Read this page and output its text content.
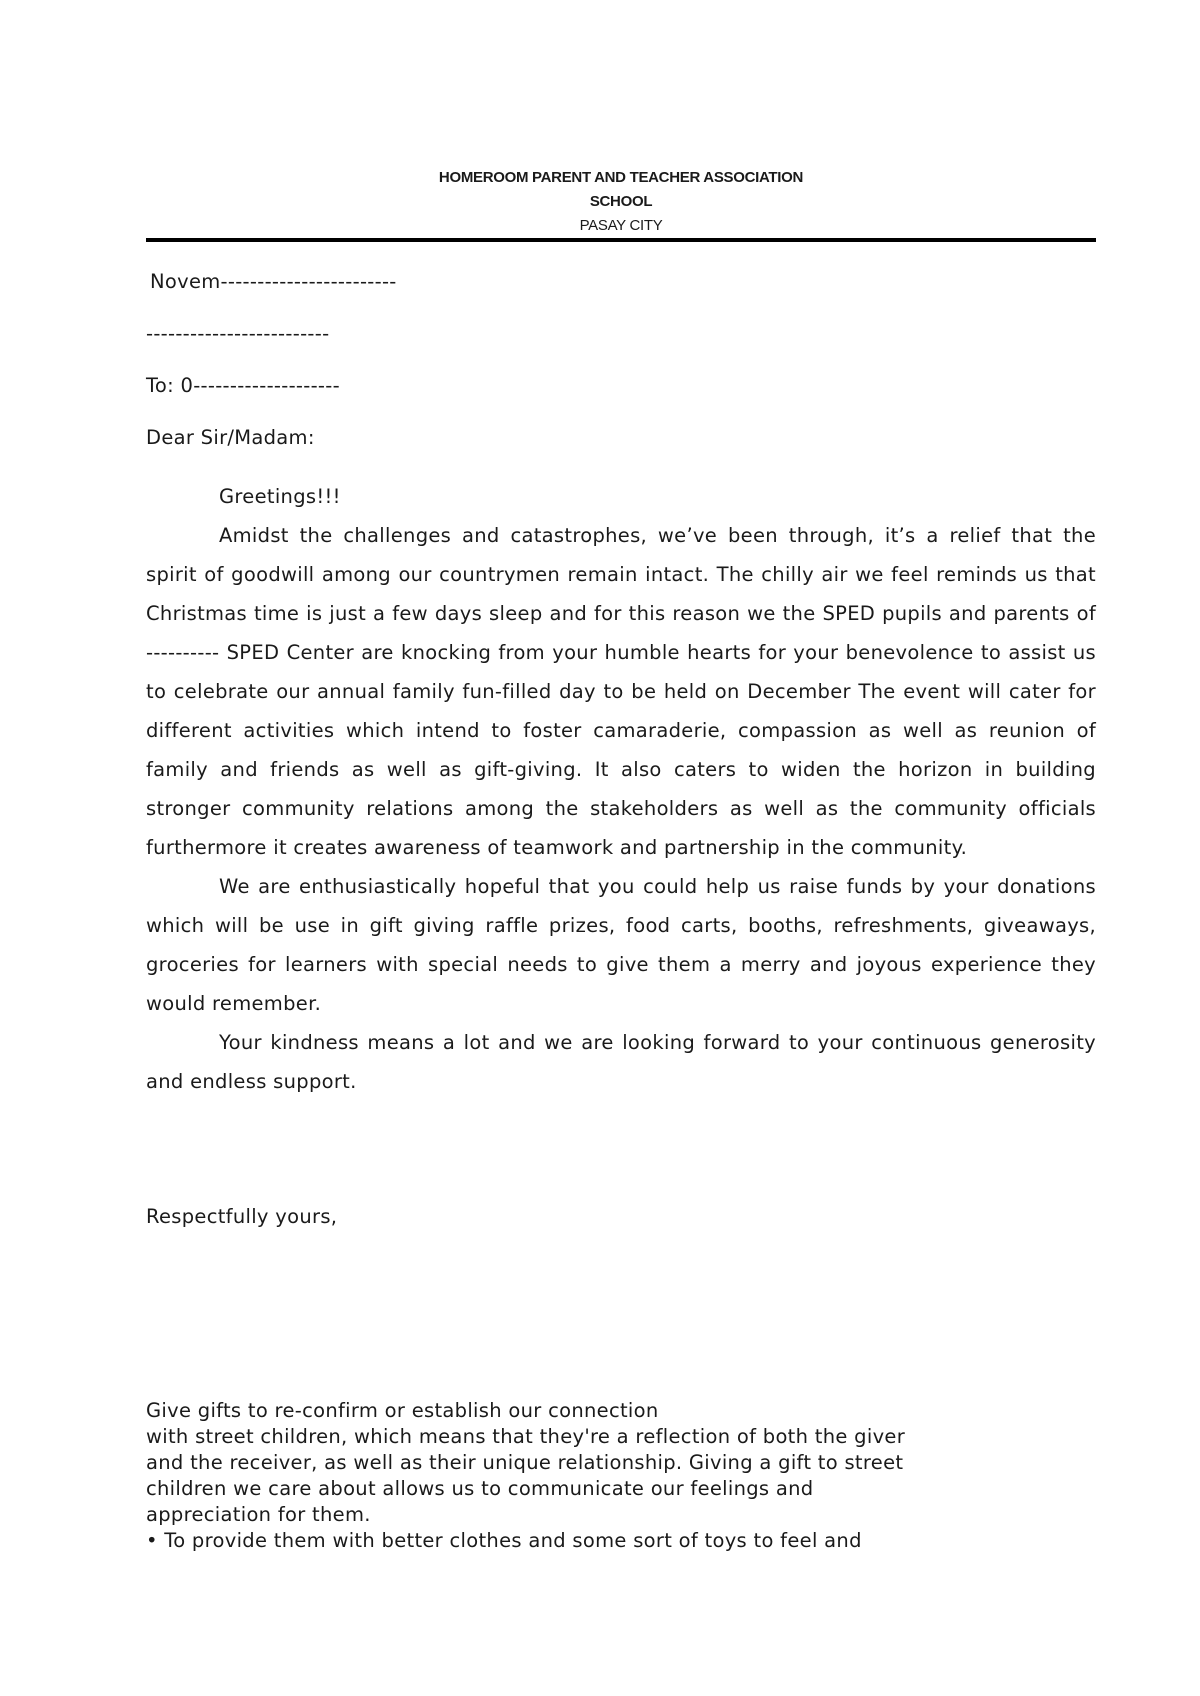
HOMEROOM PARENT AND TEACHER ASSOCIATION
SCHOOL
PASAY CITY
Novem------------------------
-------------------------
To: 0--------------------
Dear Sir/Madam:

Greetings!!!

Amidst the challenges and catastrophes, we’ve been through, it’s a relief that the spirit of goodwill among our countrymen remain intact. The chilly air we feel reminds us that Christmas time is just a few days sleep and for this reason we the SPED pupils and parents of ---------- SPED Center are knocking from your humble hearts for your benevolence to assist us to celebrate our annual family fun-filled day to be held on December The event will cater for different activities which intend to foster camaraderie, compassion as well as reunion of family and friends as well as gift-giving. It also caters to widen the horizon in building stronger community relations among the stakeholders as well as the community officials furthermore it creates awareness of teamwork and partnership in the community.

We are enthusiastically hopeful that you could help us raise funds by your donations which will be use in gift giving raffle prizes, food carts, booths, refreshments, giveaways, groceries for learners with special needs to give them a merry and joyous experience they would remember.

Your kindness means a lot and we are looking forward to your continuous generosity and endless support.

Respectfully yours,
Give gifts to re-confirm or establish our connection
with street children, which means that they're a reflection of both the giver
and the receiver, as well as their unique relationship. Giving a gift to street
children we care about allows us to communicate our feelings and
appreciation for them.
• To provide them with better clothes and some sort of toys to feel and
